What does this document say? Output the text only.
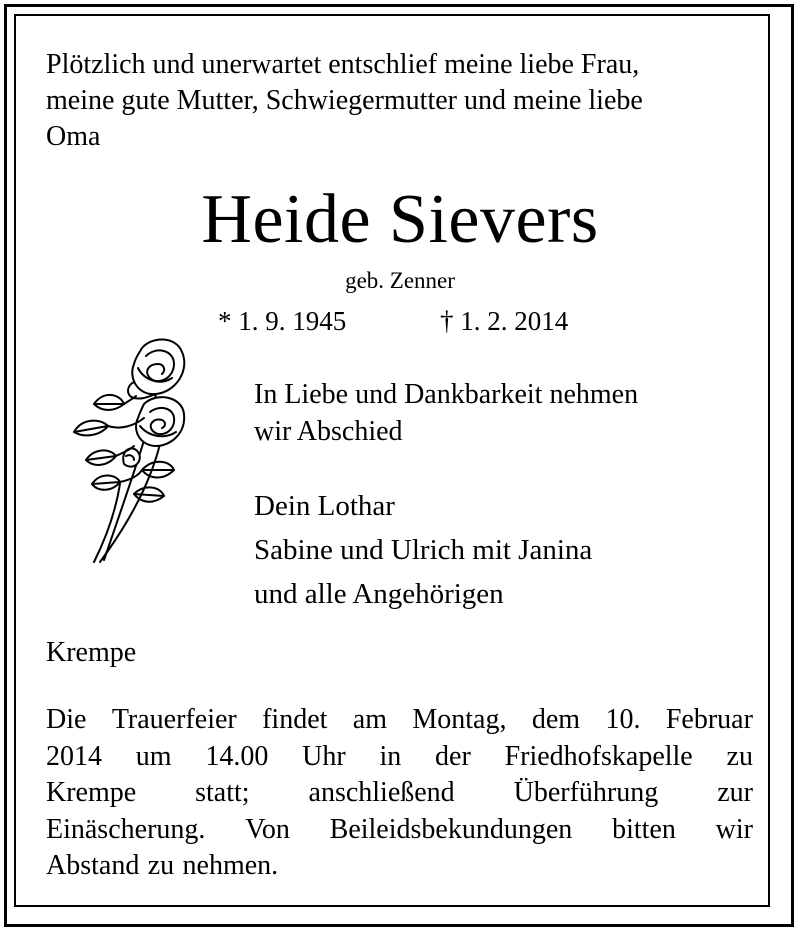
Plötzlich und unerwartet entschlief meine liebe Frau,
meine gute Mutter, Schwiegermutter und meine liebe
Oma
Heide Sievers
geb. Zenner
* 1. 9. 1945	† 1. 2. 2014
In Liebe und Dankbarkeit nehmen
wir Abschied
Dein Lothar
Sabine und Ulrich mit Janina
und alle Angehörigen
Krempe
Die Trauerfeier findet am Montag, dem 10. Februar
2014 um 14.00 Uhr in der Friedhofskapelle zu
Krempe statt; anschließend Überführung zur
Einäscherung. Von Beileidsbekundungen bitten wir
Abstand zu nehmen.
